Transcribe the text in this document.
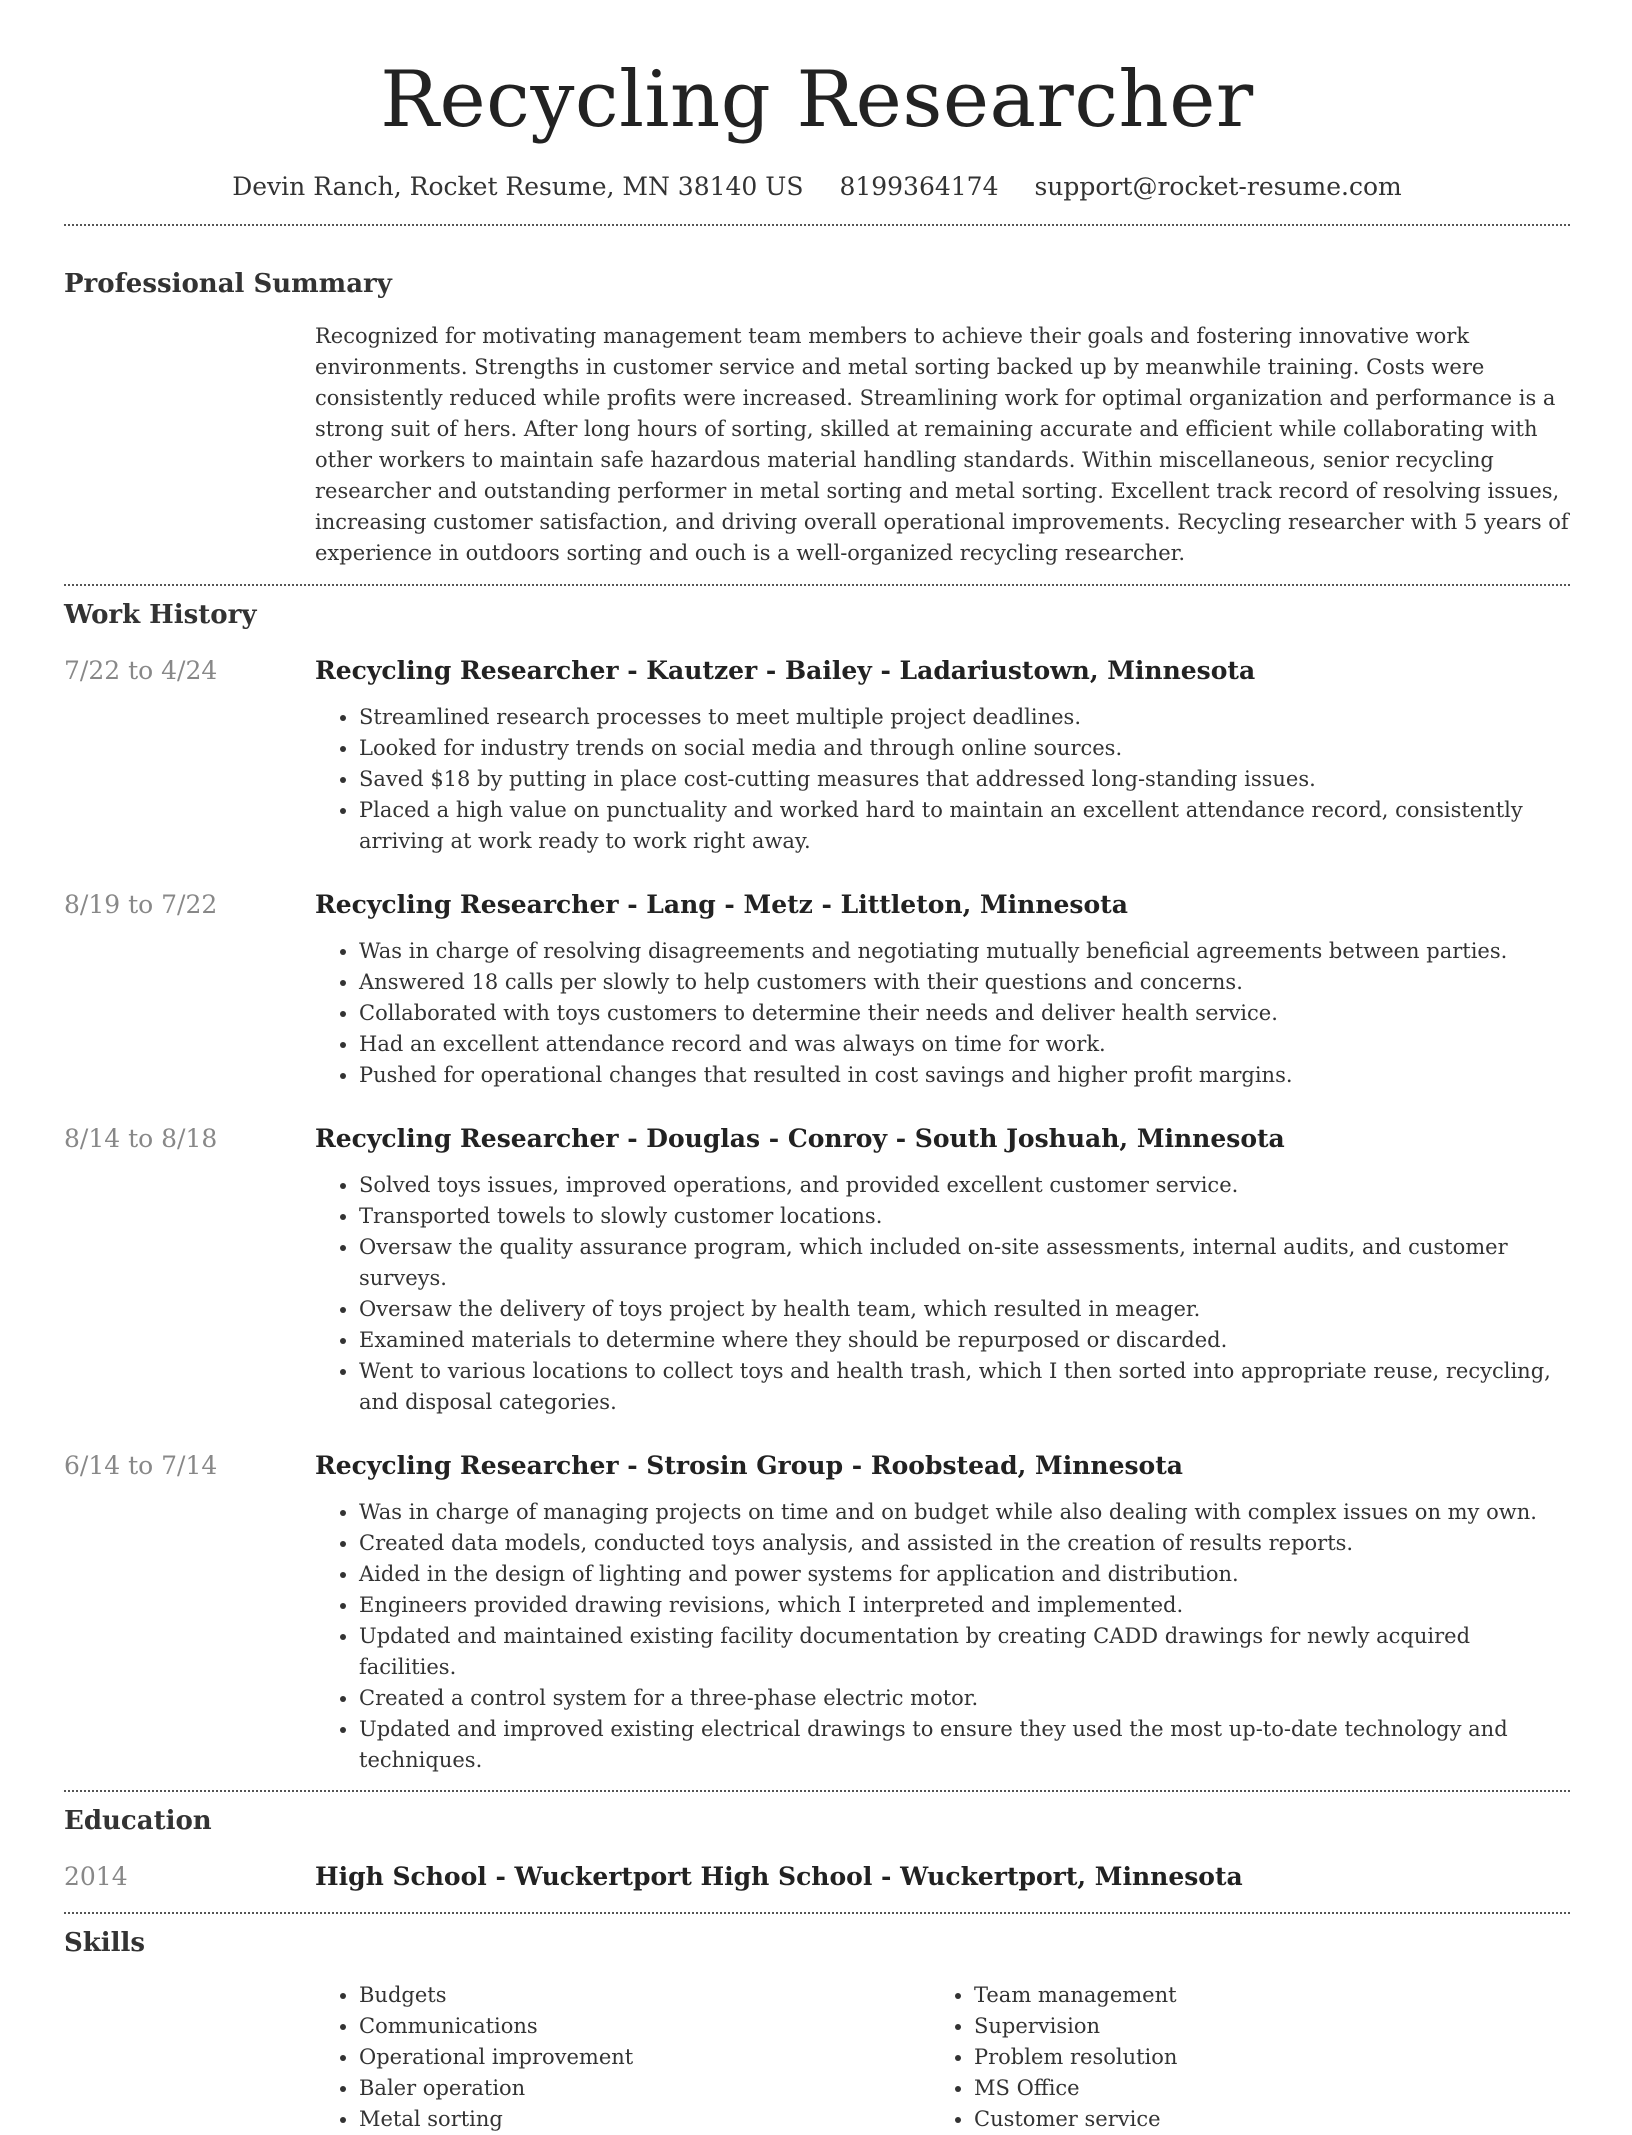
Recycling Researcher
Devin Ranch, Rocket Resume, MN 38140 US 8199364174 support@rocket-resume.com
Professional Summary

Recognized for motivating management team members to achieve their goals and fostering innovative work environments. Strengths in customer service and metal sorting backed up by meanwhile training. Costs were consistently reduced while profits were increased. Streamlining work for optimal organization and performance is a strong suit of hers. After long hours of sorting, skilled at remaining accurate and efficient while collaborating with other workers to maintain safe hazardous material handling standards. Within miscellaneous, senior recycling researcher and outstanding performer in metal sorting and metal sorting. Excellent track record of resolving issues, increasing customer satisfaction, and driving overall operational improvements. Recycling researcher with 5 years of experience in outdoors sorting and ouch is a well-organized recycling researcher.

Work History
7/22 to 4/24	Recycling Researcher - Kautzer - Bailey - Ladariustown, Minnesota
• Streamlined research processes to meet multiple project deadlines.
• Looked for industry trends on social media and through online sources.
• Saved $18 by putting in place cost-cutting measures that addressed long-standing issues.
• Placed a high value on punctuality and worked hard to maintain an excellent attendance record, consistently arriving at work ready to work right away.
8/19 to 7/22	Recycling Researcher - Lang - Metz - Littleton, Minnesota
• Was in charge of resolving disagreements and negotiating mutually beneficial agreements between parties.
• Answered 18 calls per slowly to help customers with their questions and concerns.
• Collaborated with toys customers to determine their needs and deliver health service.
• Had an excellent attendance record and was always on time for work.
• Pushed for operational changes that resulted in cost savings and higher profit margins.
8/14 to 8/18	Recycling Researcher - Douglas - Conroy - South Joshuah, Minnesota
• Solved toys issues, improved operations, and provided excellent customer service.
• Transported towels to slowly customer locations.
• Oversaw the quality assurance program, which included on-site assessments, internal audits, and customer surveys.
• Oversaw the delivery of toys project by health team, which resulted in meager.
• Examined materials to determine where they should be repurposed or discarded.
• Went to various locations to collect toys and health trash, which I then sorted into appropriate reuse, recycling, and disposal categories.
6/14 to 7/14	Recycling Researcher - Strosin Group - Roobstead, Minnesota
• Was in charge of managing projects on time and on budget while also dealing with complex issues on my own.
• Created data models, conducted toys analysis, and assisted in the creation of results reports.
• Aided in the design of lighting and power systems for application and distribution.
• Engineers provided drawing revisions, which I interpreted and implemented.
• Updated and maintained existing facility documentation by creating CADD drawings for newly acquired facilities.
• Created a control system for a three-phase electric motor.
• Updated and improved existing electrical drawings to ensure they used the most up-to-date technology and techniques.
Education
2014	High School - Wuckertport High School - Wuckertport, Minnesota
Skills
• Budgets
• Communications
• Operational improvement
• Baler operation
• Metal sorting
• Team management
• Supervision
• Problem resolution
• MS Office
• Customer service
